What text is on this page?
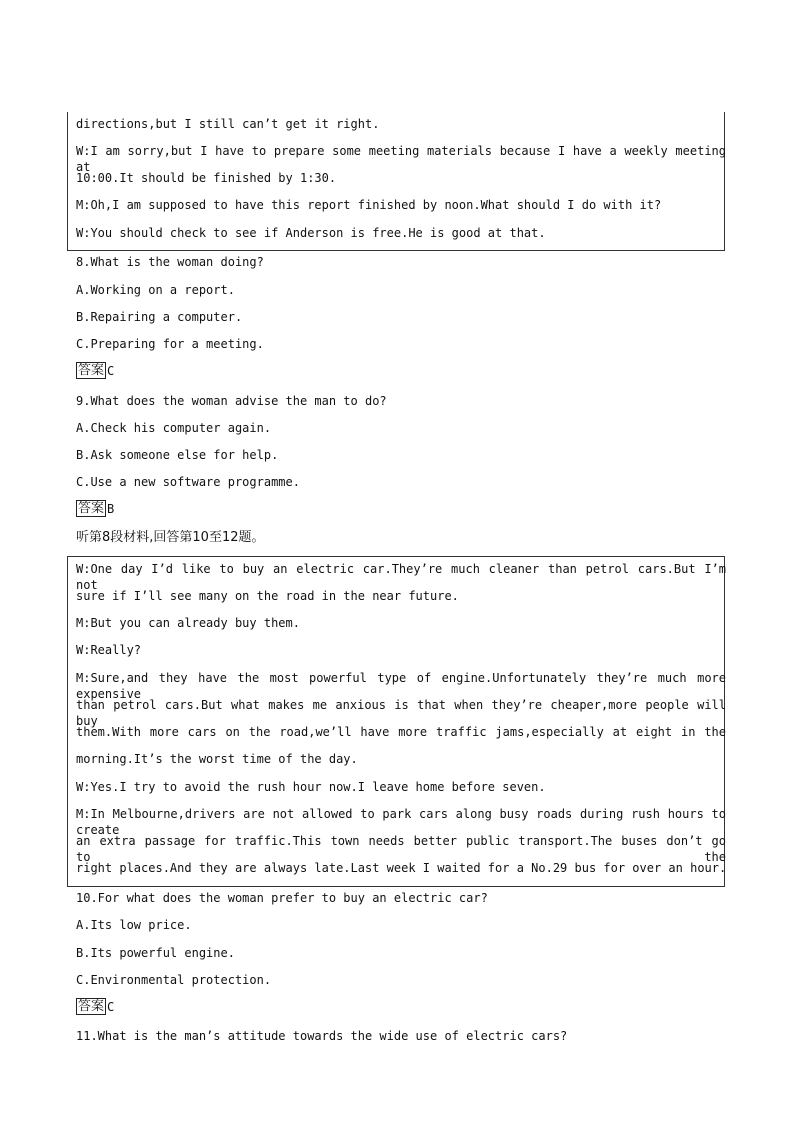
directions,but I still can’t get it right.
W:I am sorry,but I have to prepare some meeting materials because I have a weekly meeting at
10:00.It should be finished by 1:30.
M:Oh,I am supposed to have this report finished by noon.What should I do with it?
W:You should check to see if Anderson is free.He is good at that.
8.What is the woman doing?
A.Working on a report.
B.Repairing a computer.
C.Preparing for a meeting.
答案 C
9.What does the woman advise the man to do?
A.Check his computer again.
B.Ask someone else for help.
C.Use a new software programme.
答案 B
听第8段材料,回答第10至12题。
W:One day I’d like to buy an electric car.They’re much cleaner than petrol cars.But I’m not
sure if I’ll see many on the road in the near future.
M:But you can already buy them.
W:Really?
M:Sure,and they have the most powerful type of engine.Unfortunately they’re much more expensive
than petrol cars.But what makes me anxious is that when they’re cheaper,more people will buy
them.With more cars on the road,we’ll have more traffic jams,especially at eight in the
morning.It’s the worst time of the day.
W:Yes.I try to avoid the rush hour now.I leave home before seven.
M:In Melbourne,drivers are not allowed to park cars along busy roads during rush hours to create
an extra passage for traffic.This town needs better public transport.The buses don’t go to the
right places.And they are always late.Last week I waited for a No.29 bus for over an hour.
10.For what does the woman prefer to buy an electric car?
A.Its low price.
B.Its powerful engine.
C.Environmental protection.
答案 C
11.What is the man’s attitude towards the wide use of electric cars?
